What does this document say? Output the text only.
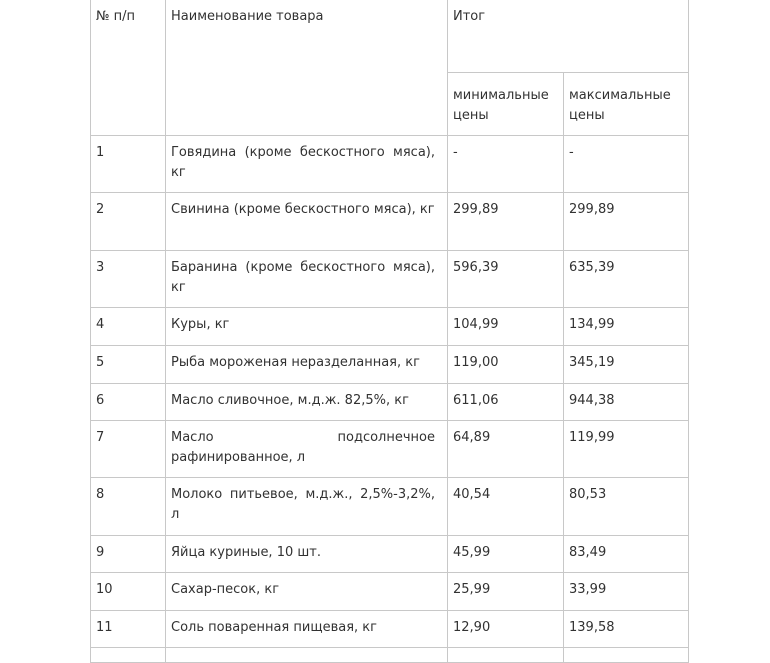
№ п/п	Наименование товара	Итог	
		минимальные цены	максимальные цены
1	Говядина (кроме бескостного мяса), кг	-	-
2	Свинина (кроме бескостного мяса), кг	299,89	299,89
3	Баранина (кроме бескостного мяса), кг	596,39	635,39
4	Куры, кг	104,99	134,99
5	Рыба мороженая неразделанная, кг	119,00	345,19
6	Масло сливочное, м.д.ж. 82,5%, кг	611,06	944,38
7	Масло подсолнечное рафинированное, л	64,89	119,99
8	Молоко питьевое, м.д.ж., 2,5%-3,2%, л	40,54	80,53
9	Яйца куриные, 10 шт.	45,99	83,49
10	Сахар-песок, кг	25,99	33,99
11	Соль поваренная пищевая, кг	12,90	139,58
